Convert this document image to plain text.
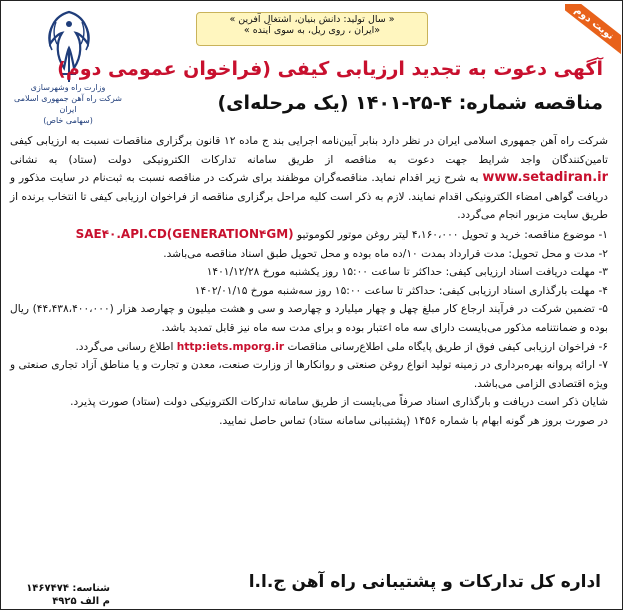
وزارت راه وشهرسازی
شرکت راه آهن جمهوری اسلامی ایران
(سهامی خاص)
« سال تولید: دانش بنیان، اشتغال آفرین »
«ایران ، روی ریل، به سوی آینده »	نوبت دوم
آگهی دعوت به تجدید ارزیابی کیفی (فراخوان عمومی دوم)
مناقصه شماره: ۴-۲۵-۱۴۰۱ (یک مرحله‌ای)

شرکت راه آهن جمهوری اسلامی ایران در نظر دارد بنابر آیین‌نامه اجرایی بند ج ماده ۱۲ قانون برگزاری مناقصات نسبت به ارزیابی کیفی تامین‌کنندگان واجد شرایط جهت دعوت به مناقصه از طریق سامانه تدارکات الکترونیکی دولت (ستاد) به نشانی www.setadiran.ir به شرح زیر اقدام نماید. مناقصه‌گران موظفند برای شرکت در مناقصه نسبت به ثبت‌نام در سایت مذکور و دریافت گواهی امضاء الکترونیکی اقدام نمایند. لازم به ذکر است کلیه مراحل برگزاری مناقصه از فراخوان ارزیابی کیفی تا انتخاب برنده از طریق سایت مزبور انجام می‌گردد.

۱- موضوع مناقصه: خرید و تحویل ۴،۱۶۰،۰۰۰ لیتر روغن موتور لکوموتیو SAE۴۰.API.CD(GENERATION۴GM)

۲- مدت و محل تحویل: مدت قرارداد بمدت ۱۰/ده ماه بوده و محل تحویل طبق اسناد مناقصه می‌باشد.

۳- مهلت دریافت اسناد ارزیابی کیفی: حداکثر تا ساعت ۱۵:۰۰ روز یکشنبه مورخ ۱۴۰۱/۱۲/۲۸

۴- مهلت بارگذاری اسناد ارزیابی کیفی: حداکثر تا ساعت ۱۵:۰۰ روز سه‌شنبه مورخ ۱۴۰۲/۰۱/۱۵

۵- تضمین شرکت در فرآیند ارجاع کار مبلغ چهل و چهار میلیارد و چهارصد و سی و هشت میلیون و چهارصد هزار (۴۴،۴۳۸،۴۰۰،۰۰۰) ریال بوده و ضمانتنامه مذکور می‌بایست دارای سه ماه اعتبار بوده و برای مدت سه ماه نیز قابل تمدید باشد.

۶- فراخوان ارزیابی کیفی فوق از طریق پایگاه ملی اطلاع‌رسانی مناقصات http:iets.mporg.ir اطلاع رسانی می‌گردد.

۷- ارائه پروانه بهره‌برداری در زمینه تولید انواع روغن صنعتی و روانکارها از وزارت صنعت، معدن و تجارت و یا مناطق آزاد تجاری صنعتی و ویژه اقتصادی الزامی می‌باشد.

شایان ذکر است دریافت و بارگذاری اسناد صرفاً می‌بایست از طریق سامانه تدارکات الکترونیکی دولت (ستاد) صورت پذیرد.

در صورت بروز هر گونه ابهام با شماره ۱۴۵۶ (پشتیبانی سامانه ستاد) تماس حاصل نمایید.

اداره کل تدارکات و پشتیبانی راه آهن ج.ا.ا
شناسه: ۱۴۶۷۴۷۴
م الف ۴۹۲۵
